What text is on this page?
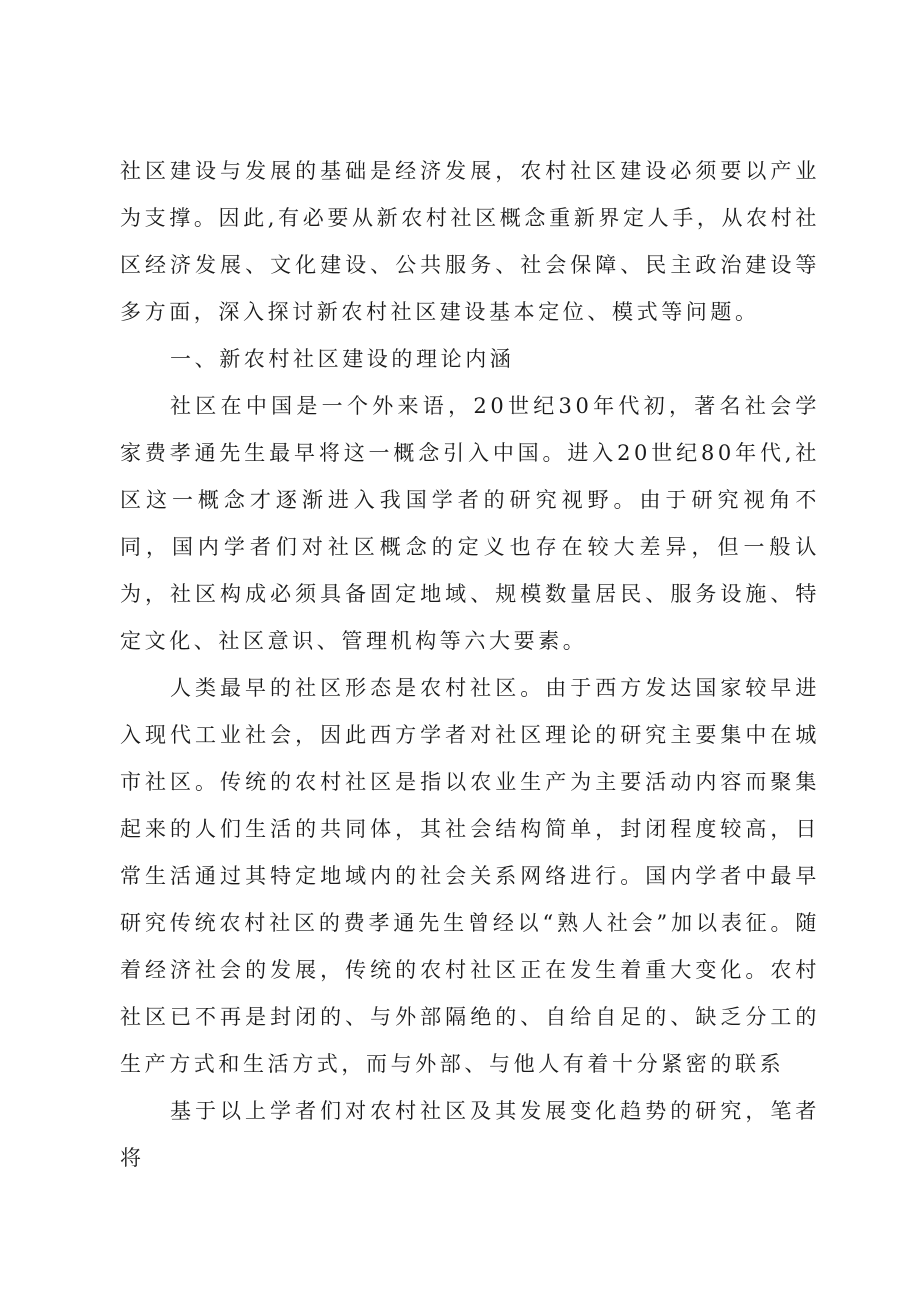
社区建设与发展的基础是经济发展，农村社区建设必须要以产业为支撑。因此,有必要从新农村社区概念重新界定人手，从农村社区经济发展、文化建设、公共服务、社会保障、民主政治建设等多方面，深入探讨新农村社区建设基本定位、模式等问题。

一、新农村社区建设的理论内涵

社区在中国是一个外来语，20世纪30年代初，著名社会学家费孝通先生最早将这一概念引入中国。进入20世纪80年代,社区这一概念才逐渐进入我国学者的研究视野。由于研究视角不同，国内学者们对社区概念的定义也存在较大差异，但一般认为，社区构成必须具备固定地域、规模数量居民、服务设施、特定文化、社区意识、管理机构等六大要素。

人类最早的社区形态是农村社区。由于西方发达国家较早进入现代工业社会，因此西方学者对社区理论的研究主要集中在城市社区。传统的农村社区是指以农业生产为主要活动内容而聚集起来的人们生活的共同体，其社会结构简单，封闭程度较高，日常生活通过其特定地域内的社会关系网络进行。国内学者中最早研究传统农村社区的费孝通先生曾经以“熟人社会”加以表征。随着经济社会的发展，传统的农村社区正在发生着重大变化。农村社区已不再是封闭的、与外部隔绝的、自给自足的、缺乏分工的生产方式和生活方式，而与外部、与他人有着十分紧密的联系

基于以上学者们对农村社区及其发展变化趋势的研究，笔者将
